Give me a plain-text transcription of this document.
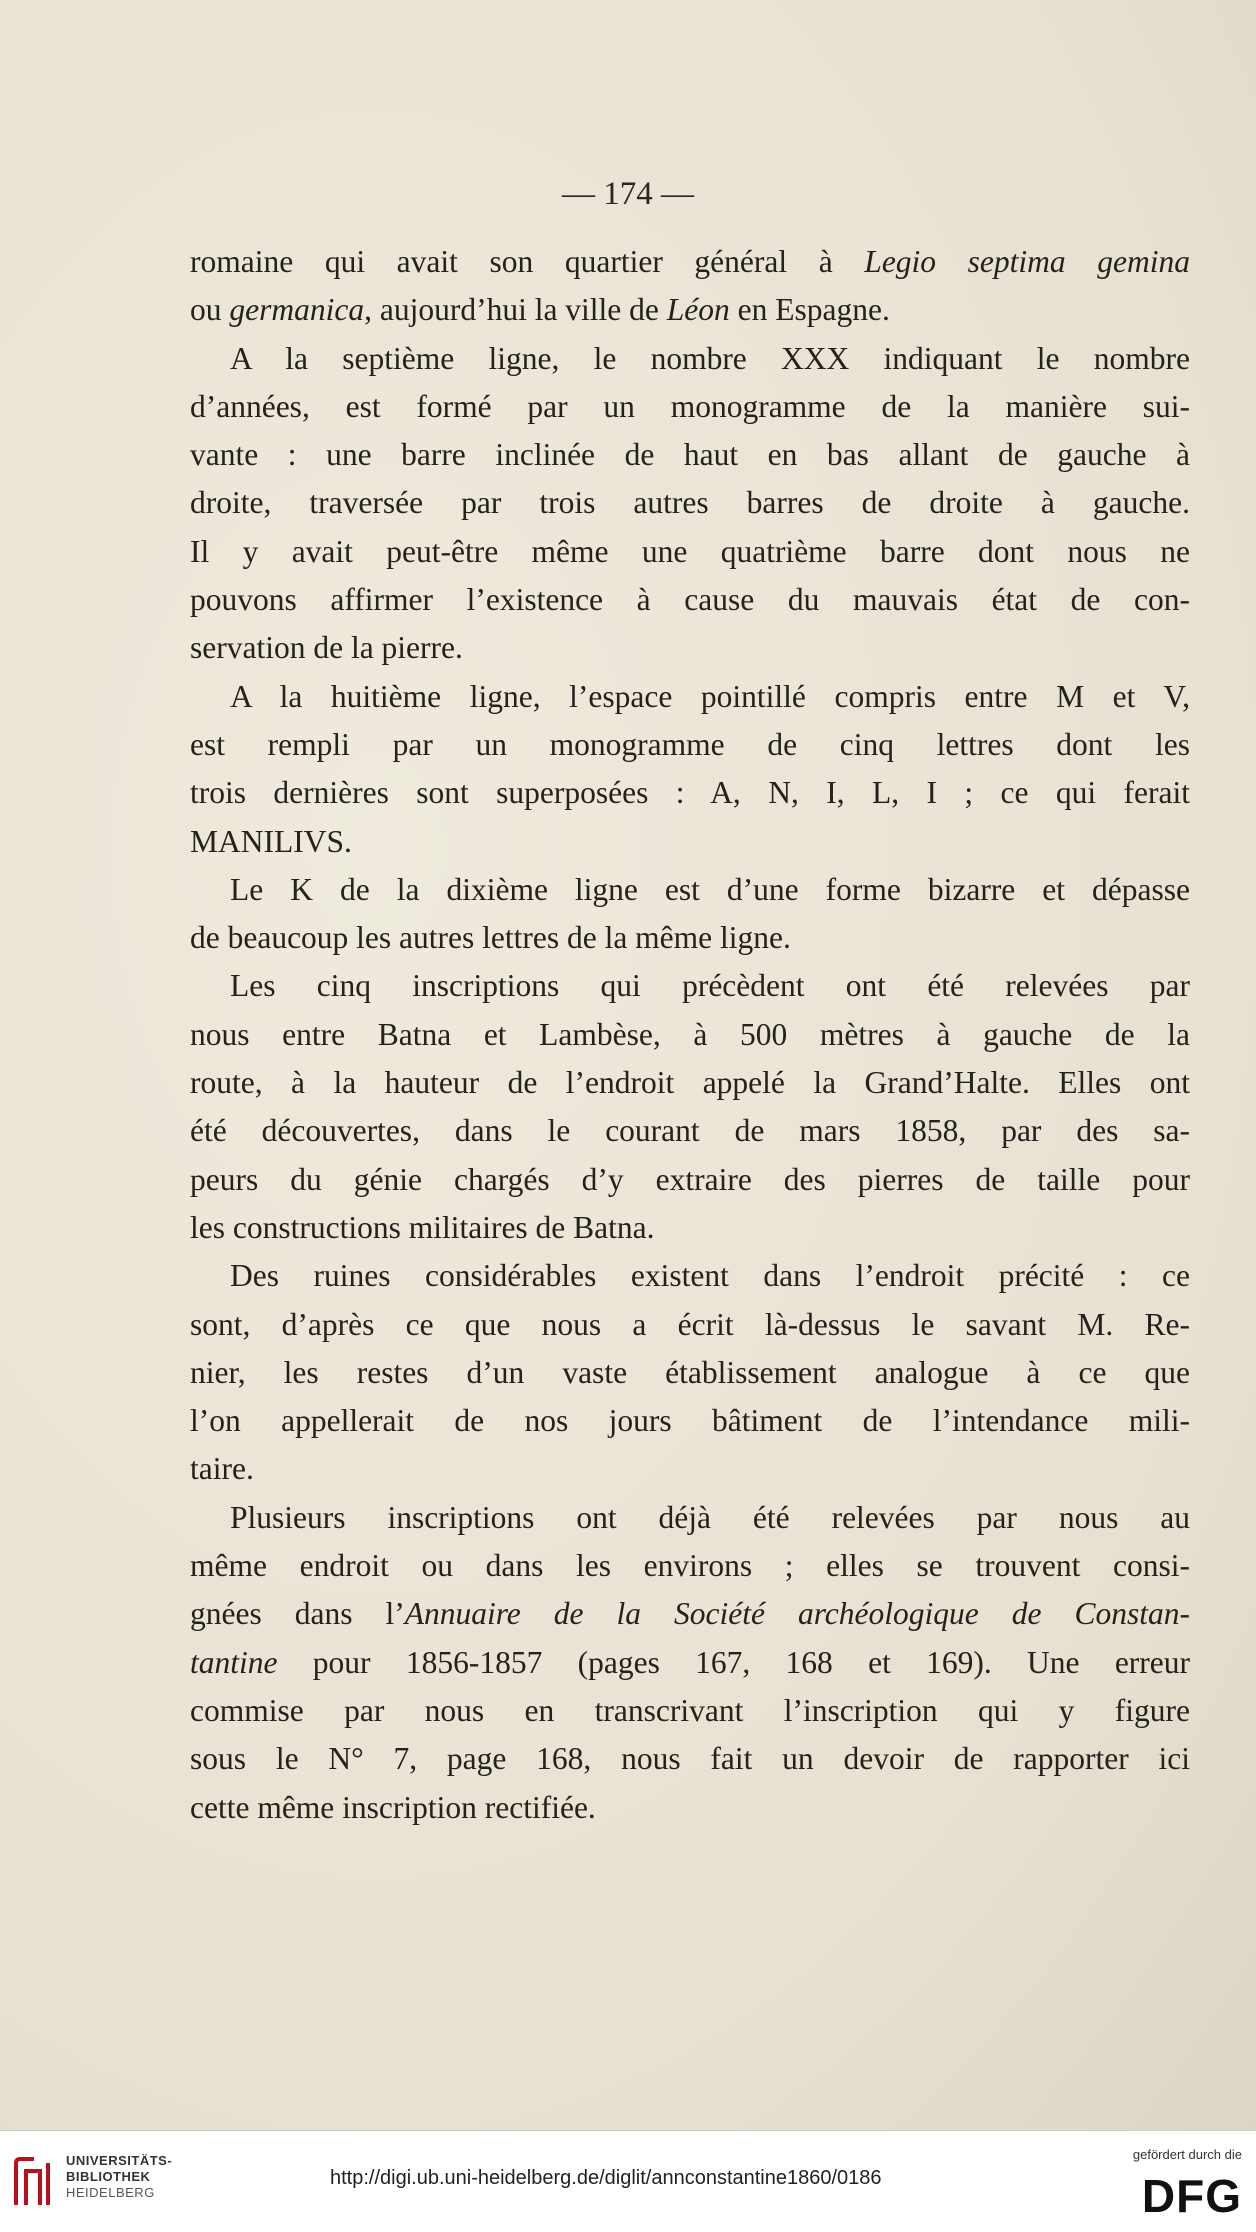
— 174 —
romaine qui avait son quartier général à Legio septima gemina
ou germanica, aujourd’hui la ville de Léon en Espagne.
A la septième ligne, le nombre XXX indiquant le nombre
d’années, est formé par un monogramme de la manière sui-
vante : une barre inclinée de haut en bas allant de gauche à
droite, traversée par trois autres barres de droite à gauche.
Il y avait peut-être même une quatrième barre dont nous ne
pouvons affirmer l’existence à cause du mauvais état de con-
servation de la pierre.
A la huitième ligne, l’espace pointillé compris entre M et V,
est rempli par un monogramme de cinq lettres dont les
trois dernières sont superposées : A, N, I, L, I ; ce qui ferait
MANILIVS.
Le K de la dixième ligne est d’une forme bizarre et dépasse
de beaucoup les autres lettres de la même ligne.
Les cinq inscriptions qui précèdent ont été relevées par
nous entre Batna et Lambèse, à 500 mètres à gauche de la
route, à la hauteur de l’endroit appelé la Grand’Halte. Elles ont
été découvertes, dans le courant de mars 1858, par des sa-
peurs du génie chargés d’y extraire des pierres de taille pour
les constructions militaires de Batna.
Des ruines considérables existent dans l’endroit précité : ce
sont, d’après ce que nous a écrit là-dessus le savant M. Re-
nier, les restes d’un vaste établissement analogue à ce que
l’on appellerait de nos jours bâtiment de l’intendance mili-
taire.
Plusieurs inscriptions ont déjà été relevées par nous au
même endroit ou dans les environs ; elles se trouvent consi-
gnées dans l’Annuaire de la Société archéologique de Constan-
tantine pour 1856-1857 (pages 167, 168 et 169). Une erreur
commise par nous en transcrivant l’inscription qui y figure
sous le N° 7, page 168, nous fait un devoir de rapporter ici
cette même inscription rectifiée.
UNIVERSITÄTS-
BIBLIOTHEK
HEIDELBERG
http://digi.ub.uni-heidelberg.de/diglit/annconstantine1860/0186
gefördert durch die
DFG
